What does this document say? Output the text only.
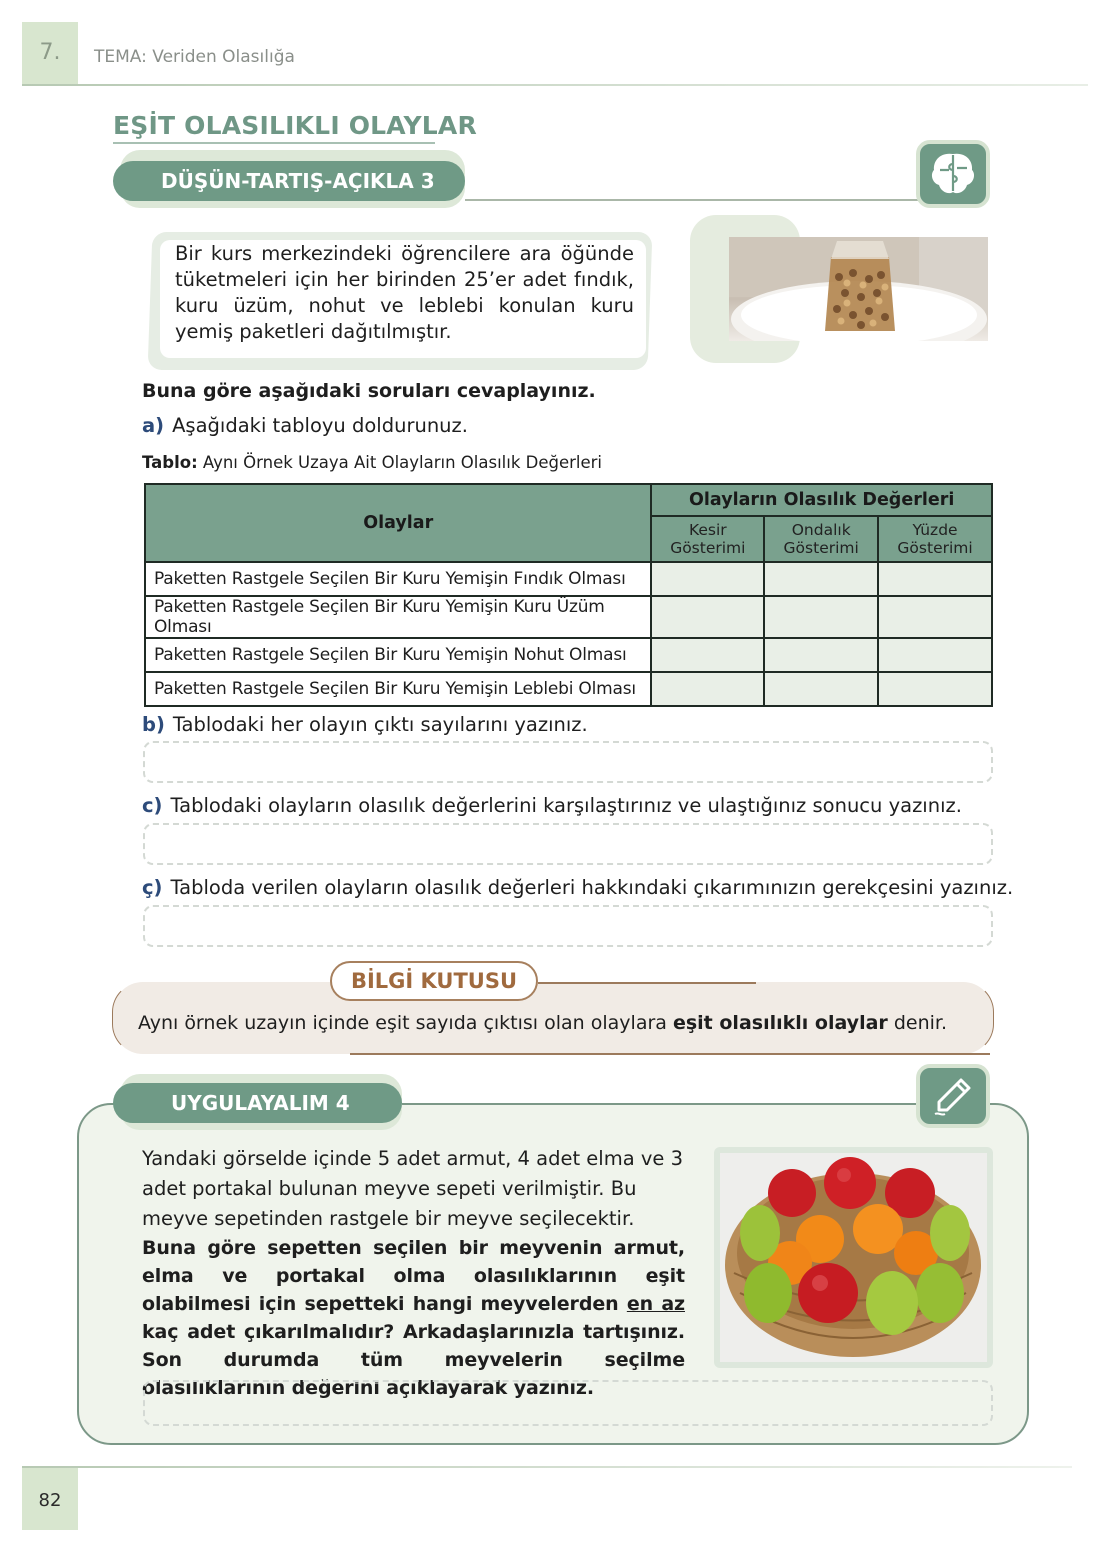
7.	TEMA: Veriden Olasılığa
EŞİT OLASILIKLI OLAYLAR
DÜŞÜN-TARTIŞ-AÇIKLA 3
Bir kurs merkezindeki öğrencilere ara öğünde tüketmeleri için her birinden 25’er adet fındık, kuru üzüm, nohut ve leblebi konulan kuru yemiş paketleri dağıtılmıştır.
Buna göre aşağıdaki soruları cevaplayınız.
a) Aşağıdaki tabloyu doldurunuz.
Tablo: Aynı Örnek Uzaya Ait Olayların Olasılık Değerleri
Olaylar	Olayların Olasılık Değerleri		
	Kesir Gösterimi	Ondalık Gösterimi	Yüzde Gösterimi
Paketten Rastgele Seçilen Bir Kuru Yemişin Fındık Olması			
Paketten Rastgele Seçilen Bir Kuru Yemişin Kuru Üzüm Olması			
Paketten Rastgele Seçilen Bir Kuru Yemişin Nohut Olması			
Paketten Rastgele Seçilen Bir Kuru Yemişin Leblebi Olması			
b) Tablodaki her olayın çıktı sayılarını yazınız.
c) Tablodaki olayların olasılık değerlerini karşılaştırınız ve ulaştığınız sonucu yazınız.
ç) Tabloda verilen olayların olasılık değerleri hakkındaki çıkarımınızın gerekçesini yazınız.
BİLGİ KUTUSU
Aynı örnek uzayın içinde eşit sayıda çıktısı olan olaylara eşit olasılıklı olaylar denir.
UYGULAYALIM 4
Yandaki görselde içinde 5 adet armut, 4 adet elma ve 3 adet portakal bulunan meyve sepeti verilmiştir. Bu meyve sepetinden rastgele bir meyve seçilecektir.
Buna göre sepetten seçilen bir meyvenin armut, elma ve portakal olma olasılıklarının eşit olabilmesi için sepetteki hangi meyvelerden en az kaç adet çıkarılmalıdır? Arkadaşlarınızla tartışınız. Son durumda tüm meyvelerin seçilme olasılıklarının değerini açıklayarak yazınız.
82
